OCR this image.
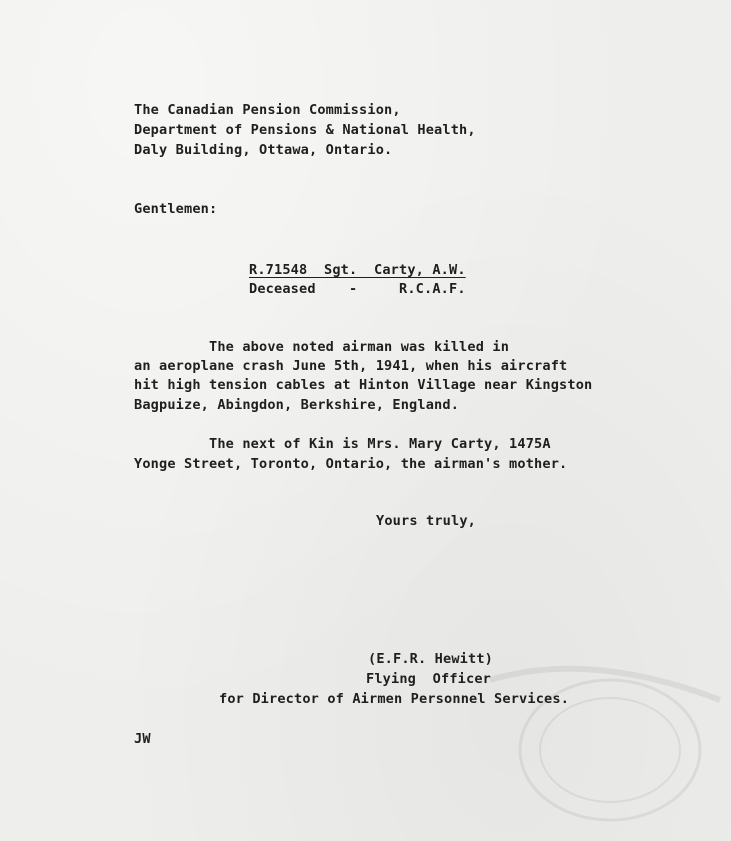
The Canadian Pension Commission,
Department of Pensions & National Health,
Daly Building, Ottawa, Ontario.
Gentlemen:
R.71548  Sgt.  Carty, A.W.
Deceased    -     R.C.A.F.
The above noted airman was killed in
an aeroplane crash June 5th, 1941, when his aircraft
hit high tension cables at Hinton Village near Kingston
Bagpuize, Abingdon, Berkshire, England.
The next of Kin is Mrs. Mary Carty, 1475A
Yonge Street, Toronto, Ontario, the airman's mother.
Yours truly,
(E.F.R. Hewitt)
Flying  Officer
for Director of Airmen Personnel Services.
JW
